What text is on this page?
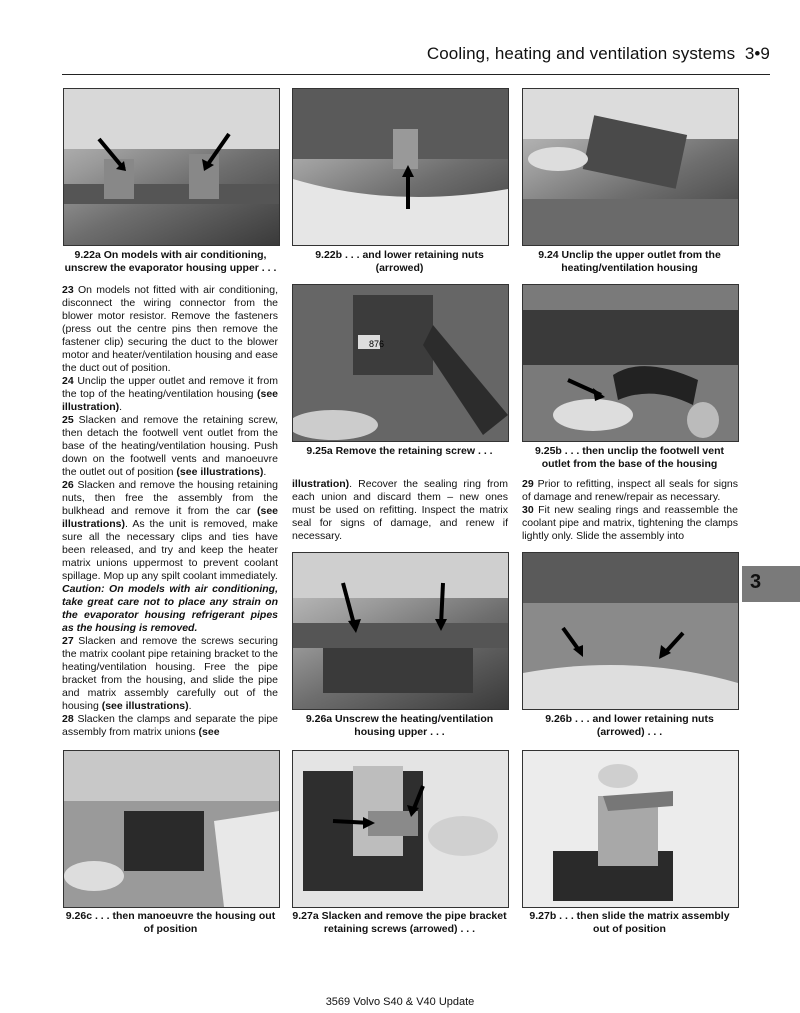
Cooling, heating and ventilation systems 3•9
9.22a On models with air conditioning, unscrew the evaporator housing upper . . .
9.22b . . . and lower retaining nuts (arrowed)
9.24 Unclip the upper outlet from the heating/ventilation housing

23 On models not fitted with air conditioning, disconnect the wiring connector from the blower motor resistor. Remove the fasteners (press out the centre pins then remove the fastener clip) securing the duct to the blower motor and heater/ventilation housing and ease the duct out of position.

24 Unclip the upper outlet and remove it from the top of the heating/ventilation housing (see illustration).

25 Slacken and remove the retaining screw, then detach the footwell vent outlet from the base of the heating/ventilation housing. Push down on the footwell vents and manoeuvre the outlet out of position (see illustrations).

26 Slacken and remove the housing retaining nuts, then free the assembly from the bulkhead and remove it from the car (see illustrations). As the unit is removed, make sure all the necessary clips and ties have been released, and try and keep the heater matrix unions uppermost to prevent coolant spillage. Mop up any spilt coolant immediately.

Caution: On models with air conditioning, take great care not to place any strain on the evaporator housing refrigerant pipes as the housing is removed.

27 Slacken and remove the screws securing the matrix coolant pipe retaining bracket to the heating/ventilation housing. Free the pipe bracket from the housing, and slide the pipe and matrix assembly carefully out of the housing (see illustrations).

28 Slacken the clamps and separate the pipe assembly from matrix unions (see

876
9.25a Remove the retaining screw . . .	9.25b . . . then unclip the footwell vent outlet from the base of the housing

illustration). Recover the sealing ring from each union and discard them – new ones must be used on refitting. Inspect the matrix seal for signs of damage, and renew if necessary.

29 Prior to refitting, inspect all seals for signs of damage and renew/repair as necessary.

30 Fit new sealing rings and reassemble the coolant pipe and matrix, tightening the clamps lightly only. Slide the assembly into

9.26a Unscrew the heating/ventilation housing upper . . .
9.26b . . . and lower retaining nuts (arrowed) . . .
3
9.26c . . . then manoeuvre the housing out of position
9.27a Slacken and remove the pipe bracket retaining screws (arrowed) . . .
9.27b . . . then slide the matrix assembly out of position
3569 Volvo S40 & V40 Update
